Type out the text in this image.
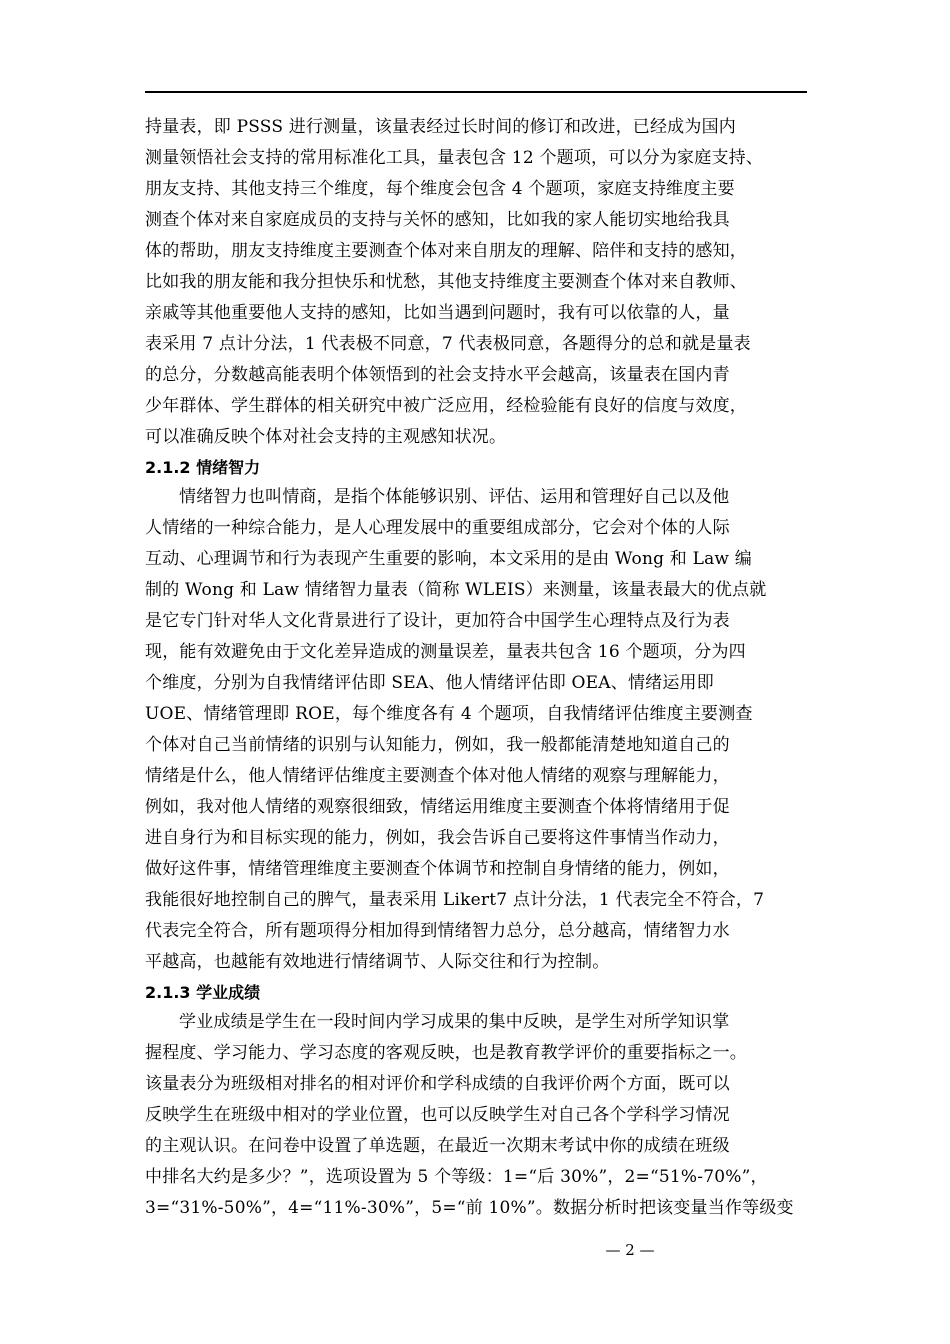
持量表，即 PSSS 进行测量，该量表经过长时间的修订和改进，已经成为国内
测量领悟社会支持的常用标准化工具，量表包含 12 个题项，可以分为家庭支持、
朋友支持、其他支持三个维度，每个维度会包含 4 个题项，家庭支持维度主要
测查个体对来自家庭成员的支持与关怀的感知，比如我的家人能切实地给我具
体的帮助，朋友支持维度主要测查个体对来自朋友的理解、陪伴和支持的感知，
比如我的朋友能和我分担快乐和忧愁，其他支持维度主要测查个体对来自教师、
亲戚等其他重要他人支持的感知，比如当遇到问题时，我有可以依靠的人，量
表采用 7 点计分法，1 代表极不同意，7 代表极同意，各题得分的总和就是量表
的总分，分数越高能表明个体领悟到的社会支持水平会越高，该量表在国内青
少年群体、学生群体的相关研究中被广泛应用，经检验能有良好的信度与效度，
可以准确反映个体对社会支持的主观感知状况。
2.1.2 情绪智力
情绪智力也叫情商，是指个体能够识别、评估、运用和管理好自己以及他
人情绪的一种综合能力，是人心理发展中的重要组成部分，它会对个体的人际
互动、心理调节和行为表现产生重要的影响，本文采用的是由 Wong 和 Law 编
制的 Wong 和 Law 情绪智力量表（简称 WLEIS）来测量，该量表最大的优点就
是它专门针对华人文化背景进行了设计，更加符合中国学生心理特点及行为表
现，能有效避免由于文化差异造成的测量误差，量表共包含 16 个题项，分为四
个维度，分别为自我情绪评估即 SEA、他人情绪评估即 OEA、情绪运用即
UOE、情绪管理即 ROE，每个维度各有 4 个题项，自我情绪评估维度主要测查
个体对自己当前情绪的识别与认知能力，例如，我一般都能清楚地知道自己的
情绪是什么，他人情绪评估维度主要测查个体对他人情绪的观察与理解能力，
例如，我对他人情绪的观察很细致，情绪运用维度主要测查个体将情绪用于促
进自身行为和目标实现的能力，例如，我会告诉自己要将这件事情当作动力，
做好这件事，情绪管理维度主要测查个体调节和控制自身情绪的能力，例如，
我能很好地控制自己的脾气，量表采用 Likert7 点计分法，1 代表完全不符合，7
代表完全符合，所有题项得分相加得到情绪智力总分，总分越高，情绪智力水
平越高，也越能有效地进行情绪调节、人际交往和行为控制。
2.1.3 学业成绩
学业成绩是学生在一段时间内学习成果的集中反映，是学生对所学知识掌
握程度、学习能力、学习态度的客观反映，也是教育教学评价的重要指标之一。
该量表分为班级相对排名的相对评价和学科成绩的自我评价两个方面，既可以
反映学生在班级中相对的学业位置，也可以反映学生对自己各个学科学习情况
的主观认识。在问卷中设置了单选题，在最近一次期末考试中你的成绩在班级
中排名大约是多少？”，选项设置为 5 个等级：1=“后 30%”，2=“51%-70%”，
3=“31%-50%”，4=“11%-30%”，5=“前 10%”。数据分析时把该变量当作等级变
— 2 —
